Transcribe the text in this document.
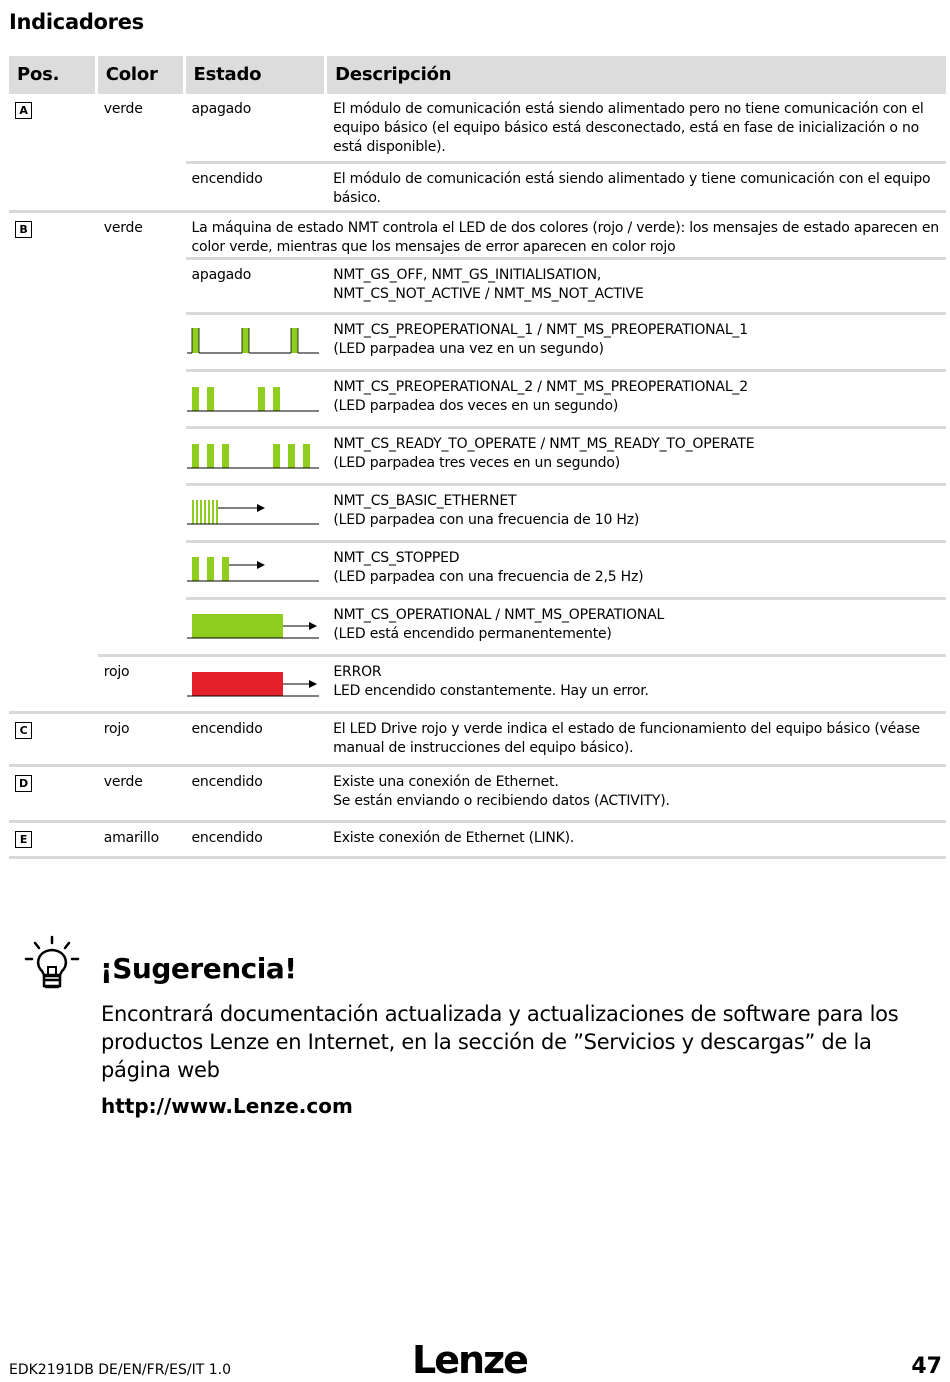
Indicadores
Pos.	Color	Estado	Descripción
A	verde	apagado	El módulo de comunicación está siendo alimentado pero no tiene comunicación con el equipo básico (el equipo básico está desconectado, está en fase de inicialización o no está disponible).
encendido	El módulo de comunicación está siendo alimentado y tiene comunicación con el equipo básico.
B	verde	La máquina de estado NMT controla el LED de dos colores (rojo / verde): los mensajes de estado aparecen en color verde, mientras que los mensajes de error aparecen en color rojo
apagado	NMT_GS_OFF, NMT_GS_INITIALISATION,
NMT_CS_NOT_ACTIVE / NMT_MS_NOT_ACTIVE
NMT_CS_PREOPERATIONAL_1 / NMT_MS_PREOPERATIONAL_1
(LED parpadea una vez en un segundo)
NMT_CS_PREOPERATIONAL_2 / NMT_MS_PREOPERATIONAL_2
(LED parpadea dos veces en un segundo)
NMT_CS_READY_TO_OPERATE / NMT_MS_READY_TO_OPERATE
(LED parpadea tres veces en un segundo)
NMT_CS_BASIC_ETHERNET
(LED parpadea con una frecuencia de 10 Hz)
NMT_CS_STOPPED
(LED parpadea con una frecuencia de 2,5 Hz)
NMT_CS_OPERATIONAL / NMT_MS_OPERATIONAL
(LED está encendido permanentemente)
rojo	ERROR
LED encendido constantemente. Hay un error.
C	rojo	encendido	El LED Drive rojo y verde indica el estado de funcionamiento del equipo básico (véase manual de instrucciones del equipo básico).
D	verde	encendido	Existe una conexión de Ethernet.
Se están enviando o recibiendo datos (ACTIVITY).
E	amarillo	encendido	Existe conexión de Ethernet (LINK).
¡Sugerencia!
Encontrará documentación actualizada y actualizaciones de software para los productos Lenze en Internet, en la sección de ”Servicios y descargas” de la página web
http://www.Lenze.com
EDK2191DB DE/EN/FR/ES/IT 1.0	Lenze	47
